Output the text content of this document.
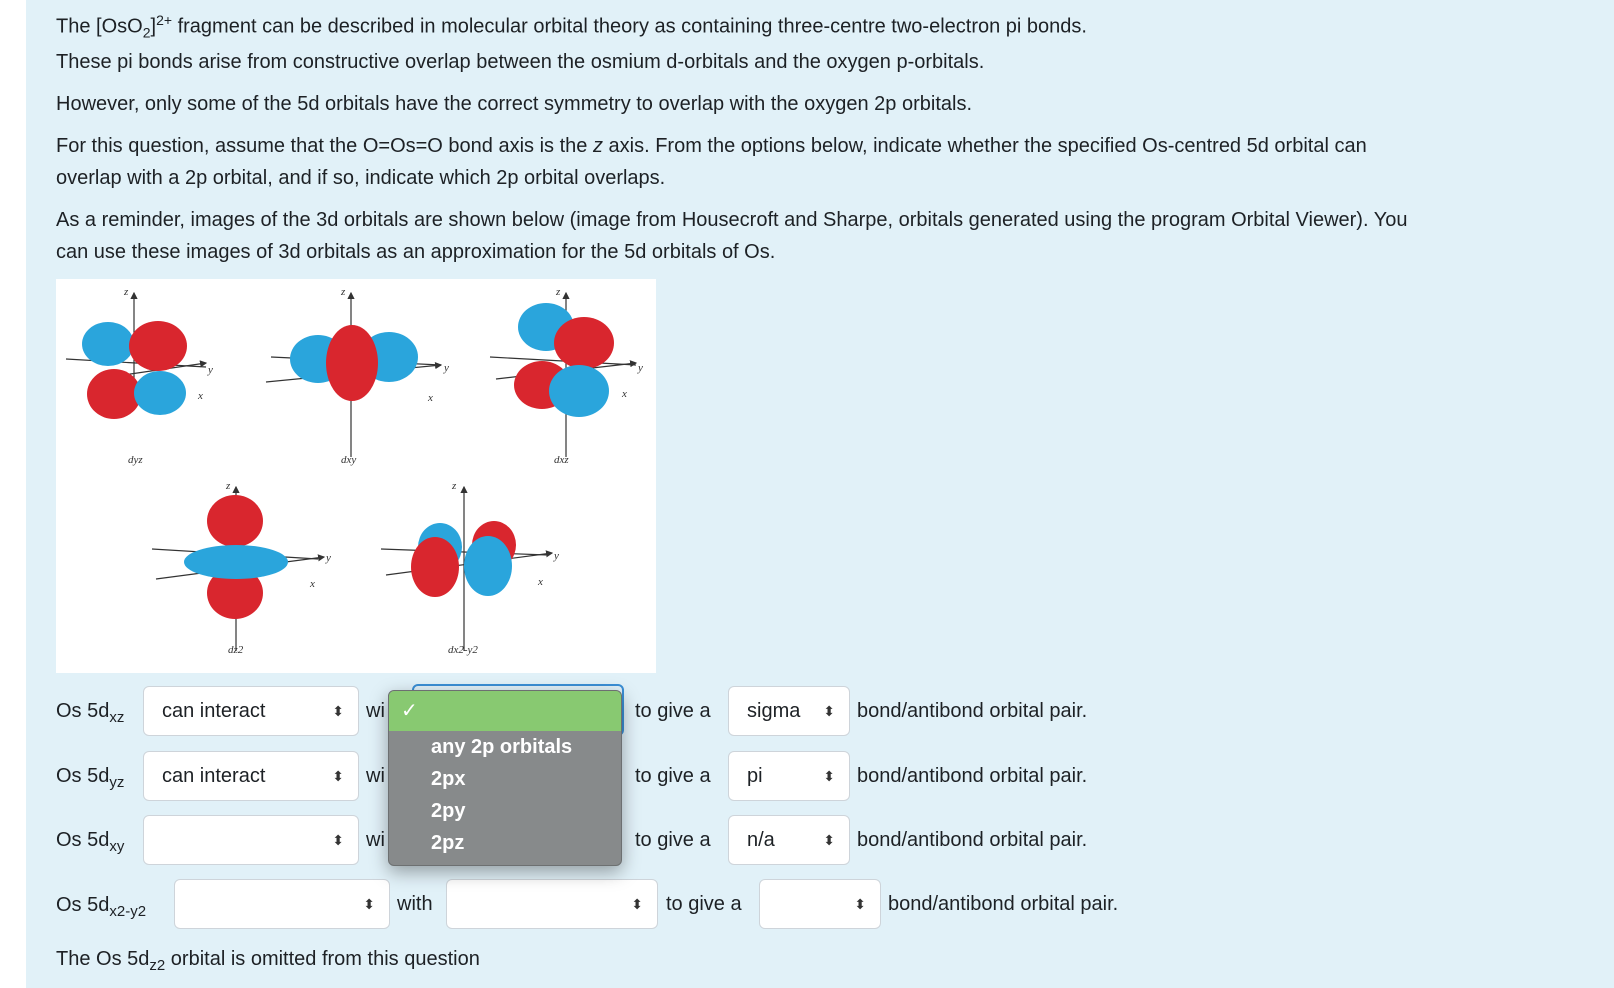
The $[OsO_2]^{2+}$ fragment can be described in molecular orbital theory as containing three-centre two-electron pi bonds.
These pi bonds arise from constructive overlap between the osmium d-orbitals and the oxygen p-orbitals.
However, only some of the 5d orbitals have the correct symmetry to overlap with the oxygen 2p orbitals.
For this question, assume that the O=Os=O bond axis is the z axis. From the options below, indicate whether the specified Os-centred 5d orbital can
overlap with a 2p orbital, and if so, indicate which 2p orbital overlaps.
As a reminder, images of the 3d orbitals are shown below (image from Housecroft and Sharpe, orbitals generated using the program Orbital Viewer). You
can use these images of 3d orbitals as an approximation for the 5d orbitals of Os.
z
y
x
dyz
z
y
x
dxy
z
y
x
dxz
z
y
x
dz2
z
y
x
dx2-y2
Os $5d_{xz}$	can interact	⬍ wi	to give a	sigma ⬍ bond/antibond orbital pair.
Os $5d_{yz}$	can interact	⬍ wi	to give a	pi	⬍ bond/antibond orbital pair.
Os $5d_{xy}$	⬍ wi	to give a	n/a	⬍ bond/antibond orbital pair.
Os $5d_{x2-y2}$	⬍ with	⬍ to give a	⬍ bond/antibond orbital pair.
✓
any 2p orbitals
2px
2py
2pz
The Os $5d_{z2}$ orbital is omitted from this question
